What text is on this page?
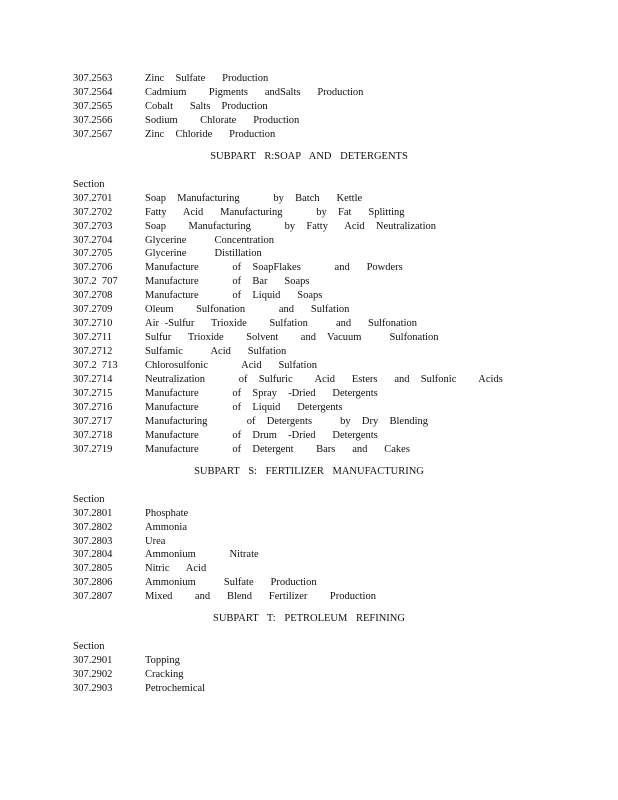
307.2563	Zinc  Sulfate   Production
307.2564	Cadmium    Pigments   andSalts   Production
307.2565	Cobalt   Salts  Production
307.2566	Sodium    Chlorate   Production
307.2567	Zinc  Chloride   Production
SUBPART R:SOAP AND DETERGENTS
Section
307.2701	Soap  Manufacturing      by  Batch   Kettle
307.2702	Fatty   Acid   Manufacturing      by  Fat   Splitting
307.2703	Soap    Manufacturing      by  Fatty   Acid  Neutralization
307.2704	Glycerine     Concentration
307.2705	Glycerine     Distillation
307.2706	Manufacture      of  SoapFlakes      and   Powders
307.2  707	Manufacture      of  Bar   Soaps
307.2708	Manufacture      of  Liquid   Soaps
307.2709	Oleum    Sulfonation      and   Sulfation
307.2710	Air -Sulfur   Trioxide    Sulfation     and   Sulfonation
307.2711	Sulfur   Trioxide    Solvent    and  Vacuum     Sulfonation
307.2712	Sulfamic     Acid   Sulfation
307.2  713	Chlorosulfonic      Acid   Sulfation
307.2714	Neutralization      of  Sulfuric    Acid   Esters   and  Sulfonic    Acids
307.2715	Manufacture      of  Spray  -Dried   Detergents
307.2716	Manufacture      of  Liquid   Detergents
307.2717	Manufacturing       of  Detergents     by  Dry  Blending
307.2718	Manufacture      of  Drum  -Dried   Detergents
307.2719	Manufacture      of  Detergent    Bars   and   Cakes
SUBPART S: FERTILIZER MANUFACTURING
Section
307.2801	Phosphate
307.2802	Ammonia
307.2803	Urea
307.2804	Ammonium      Nitrate
307.2805	Nitric   Acid
307.2806	Ammonium     Sulfate   Production
307.2807	Mixed    and   Blend   Fertilizer    Production
SUBPART T: PETROLEUM REFINING
Section
307.2901	Topping
307.2902	Cracking
307.2903	Petrochemical
